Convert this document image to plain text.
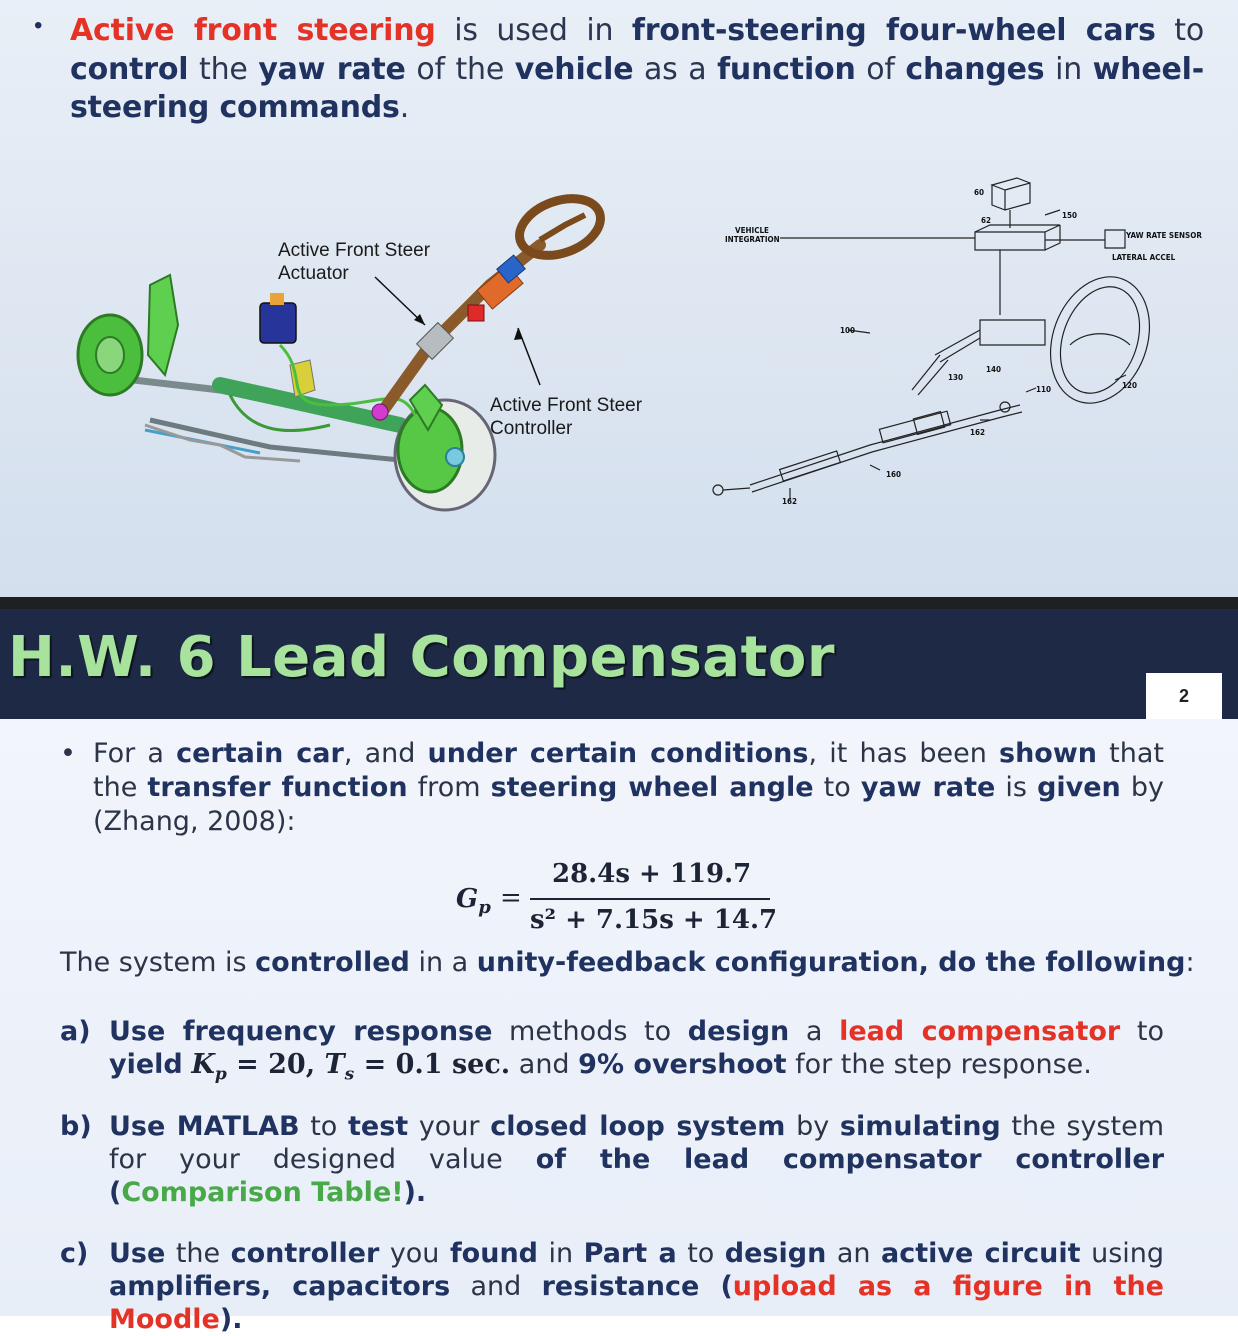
• Active front steering is used in front-steering four-wheel cars to control the yaw rate of the vehicle as a function of changes in wheel-steering commands.

Active Front Steer
Actuator
Active Front Steer
Controller
VEHICLE
INTEGRATION	YAW RATE SENSOR
LATERAL ACCEL
60
62
150
100
130
140
110	120
162
160
162
H.W. 6 Lead Compensator
2
• For a certain car, and under certain conditions, it has been shown that the transfer function from steering wheel angle to yaw rate is given by (Zhang, 2008):

$G_p$ =
28.4s + 119.7
s² + 7.15s + 14.7

The system is controlled in a unity-feedback configuration, do the following:

a) Use frequency response methods to design a lead compensator to yield $K_p = 20$, $T_s = 0.1$ sec. and 9% overshoot for the step response.

b) Use MATLAB to test your closed loop system by simulating the system for your designed value of the lead compensator controller (Comparison Table!).

c) Use the controller you found in Part a to design an active circuit using amplifiers, capacitors and resistance (upload as a figure in the Moodle).
